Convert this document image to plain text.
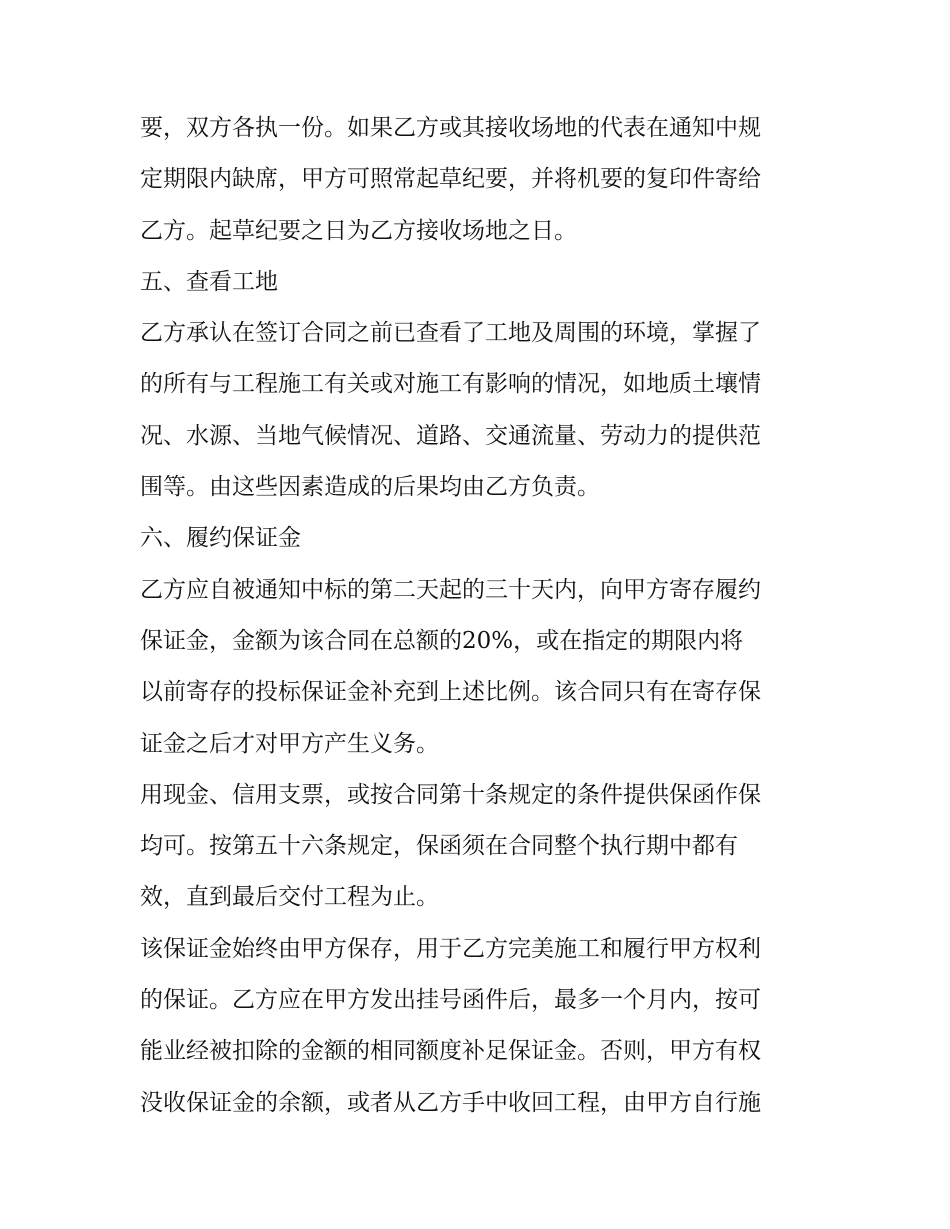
要，双方各执一份。如果乙方或其接收场地的代表在通知中规
定期限内缺席，甲方可照常起草纪要，并将机要的复印件寄给
乙方。起草纪要之日为乙方接收场地之日。
五、查看工地
乙方承认在签订合同之前已查看了工地及周围的环境，掌握了
的所有与工程施工有关或对施工有影响的情况，如地质土壤情
况、水源、当地气候情况、道路、交通流量、劳动力的提供范
围等。由这些因素造成的后果均由乙方负责。
六、履约保证金
乙方应自被通知中标的第二天起的三十天内，向甲方寄存履约
保证金，金额为该合同在总额的20%，或在指定的期限内将
以前寄存的投标保证金补充到上述比例。该合同只有在寄存保
证金之后才对甲方产生义务。
用现金、信用支票，或按合同第十条规定的条件提供保函作保
均可。按第五十六条规定，保函须在合同整个执行期中都有
效，直到最后交付工程为止。
该保证金始终由甲方保存，用于乙方完美施工和履行甲方权利
的保证。乙方应在甲方发出挂号函件后，最多一个月内，按可
能业经被扣除的金额的相同额度补足保证金。否则，甲方有权
没收保证金的余额，或者从乙方手中收回工程，由甲方自行施
